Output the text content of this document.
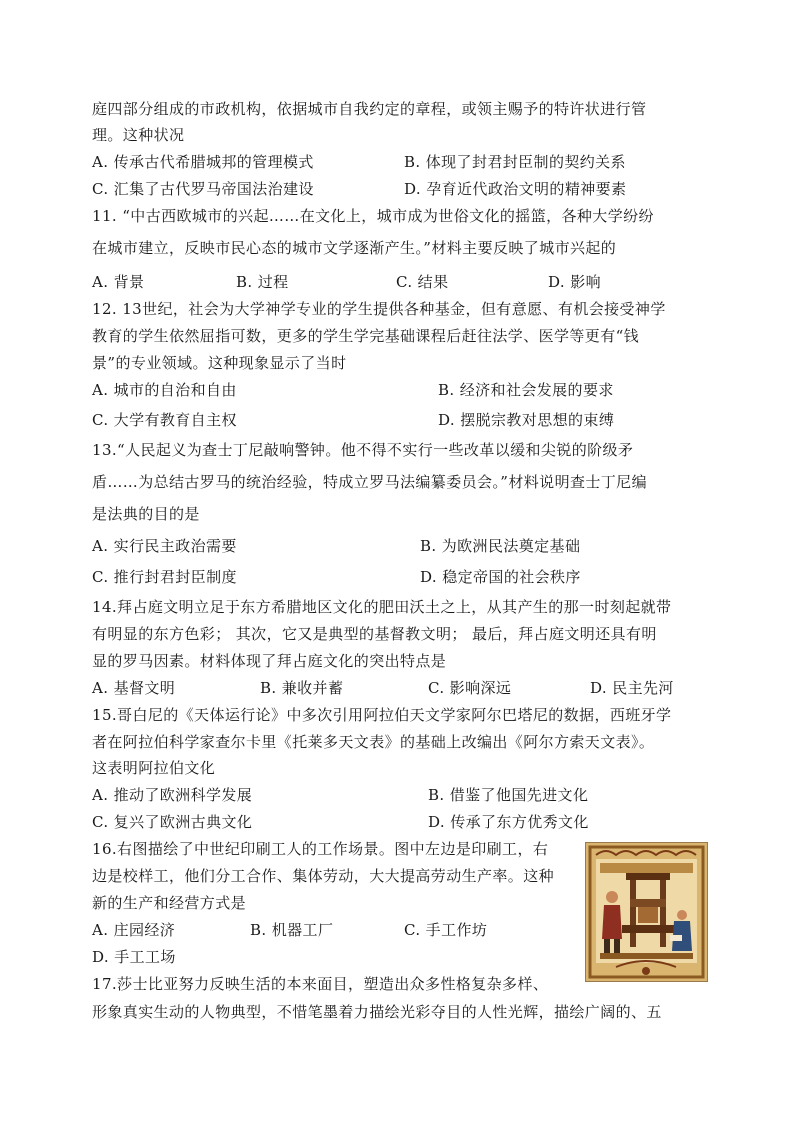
庭四部分组成的市政机构，依据城市自我约定的章程，或领主赐予的特许状进行管
理。这种状况
A. 传承古代希腊城邦的管理模式	B. 体现了封君封臣制的契约关系
C. 汇集了古代罗马帝国法治建设	D. 孕育近代政治文明的精神要素
11. “中古西欧城市的兴起……在文化上，城市成为世俗文化的摇篮，各种大学纷纷
在城市建立，反映市民心态的城市文学逐渐产生。”材料主要反映了城市兴起的
A. 背景	B. 过程	C. 结果	D. 影响
12. 13世纪，社会为大学神学专业的学生提供各种基金，但有意愿、有机会接受神学
教育的学生依然屈指可数，更多的学生学完基础课程后赶往法学、医学等更有“钱
景”的专业领域。这种现象显示了当时
A. 城市的自治和自由	B. 经济和社会发展的要求
C. 大学有教育自主权	D. 摆脱宗教对思想的束缚
13.“人民起义为查士丁尼敲响警钟。他不得不实行一些改革以缓和尖锐的阶级矛
盾……为总结古罗马的统治经验，特成立罗马法编纂委员会。”材料说明查士丁尼编
是法典的目的是
A. 实行民主政治需要	B. 为欧洲民法奠定基础
C. 推行封君封臣制度	D. 稳定帝国的社会秩序
14.拜占庭文明立足于东方希腊地区文化的肥田沃土之上，从其产生的那一时刻起就带
有明显的东方色彩； 其次，它又是典型的基督教文明； 最后，拜占庭文明还具有明
显的罗马因素。材料体现了拜占庭文化的突出特点是
A. 基督文明	B. 兼收并蓄	C. 影响深远	D. 民主先河
15.哥白尼的《天体运行论》中多次引用阿拉伯天文学家阿尔巴塔尼的数据，西班牙学
者在阿拉伯科学家查尔卡里《托莱多天文表》的基础上改编出《阿尔方索天文表》。
这表明阿拉伯文化
A. 推动了欧洲科学发展	B. 借鉴了他国先进文化
C. 复兴了欧洲古典文化	D. 传承了东方优秀文化
16.右图描绘了中世纪印刷工人的工作场景。图中左边是印刷工，右
边是校样工，他们分工合作、集体劳动，大大提高劳动生产率。这种
新的生产和经营方式是
A. 庄园经济	B. 机器工厂	C. 手工作坊
D. 手工工场
17.莎士比亚努力反映生活的本来面目，塑造出众多性格复杂多样、
形象真实生动的人物典型，不惜笔墨着力描绘光彩夺目的人性光辉，描绘广阔的、五
